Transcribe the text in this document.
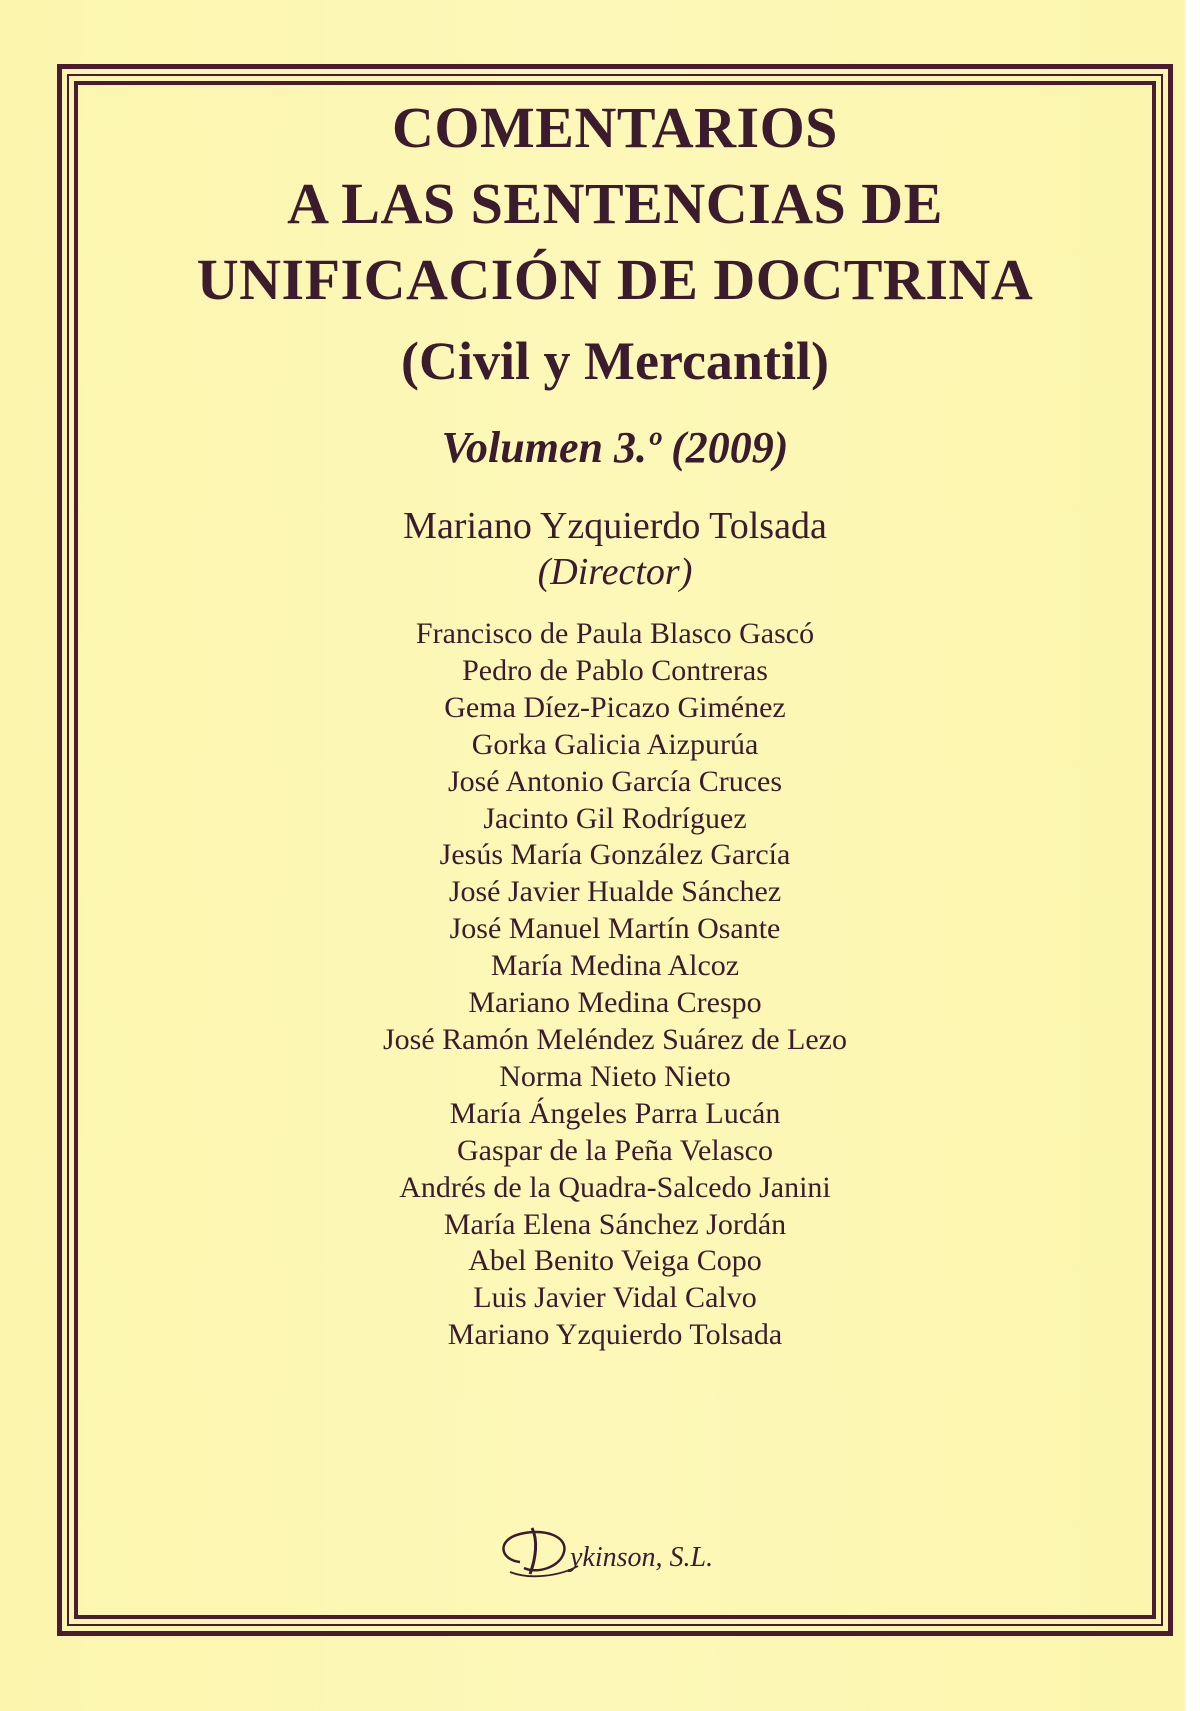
COMENTARIOS

A LAS SENTENCIAS DE

UNIFICACIÓN DE DOCTRINA

(Civil y Mercantil)

Volumen 3.º (2009)

Mariano Yzquierdo Tolsada

(Director)

Francisco de Paula Blasco Gascó
Pedro de Pablo Contreras
Gema Díez-Picazo Giménez
Gorka Galicia Aizpurúa
José Antonio García Cruces
Jacinto Gil Rodríguez
Jesús María González García
José Javier Hualde Sánchez
José Manuel Martín Osante
María Medina Alcoz
Mariano Medina Crespo
José Ramón Meléndez Suárez de Lezo
Norma Nieto Nieto
María Ángeles Parra Lucán
Gaspar de la Peña Velasco
Andrés de la Quadra-Salcedo Janini
María Elena Sánchez Jordán
Abel Benito Veiga Copo
Luis Javier Vidal Calvo
Mariano Yzquierdo Tolsada
ykinson, S.L.
